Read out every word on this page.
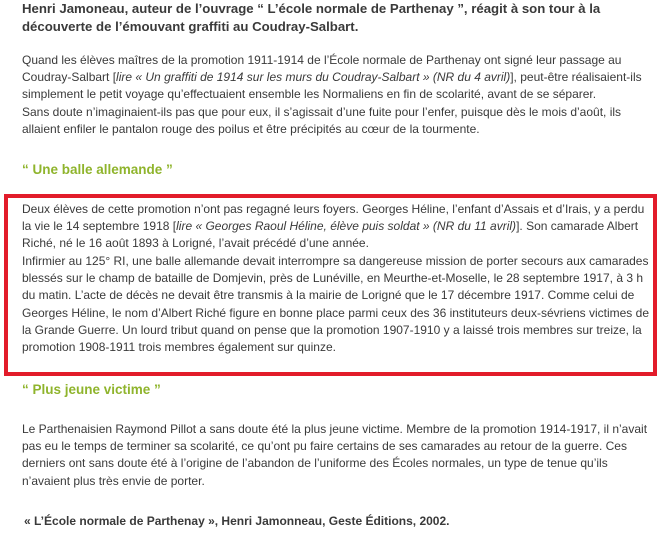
Henri Jamoneau, auteur de l’ouvrage “ L’école normale de Parthenay ”, réagit à son tour à la découverte de l’émouvant graffiti au Coudray-Salbart.
Quand les élèves maîtres de la promotion 1911-1914 de l’École normale de Parthenay ont signé leur passage au Coudray-Salbart [lire « Un graffiti de 1914 sur les murs du Coudray-Salbart » (NR du 4 avril)], peut-être réalisaient-ils simplement le petit voyage qu’effectuaient ensemble les Normaliens en fin de scolarité, avant de se séparer.
Sans doute n’imaginaient-ils pas que pour eux, il s’agissait d’une fuite pour l’enfer, puisque dès le mois d’août, ils allaient enfiler le pantalon rouge des poilus et être précipités au cœur de la tourmente.
“ Une balle allemande ”
Deux élèves de cette promotion n’ont pas regagné leurs foyers. Georges Héline, l’enfant d’Assais et d’Irais, y a perdu la vie le 14 septembre 1918 [lire « Georges Raoul Héline, élève puis soldat » (NR du 11 avril)]. Son camarade Albert Riché, né le 16 août 1893 à Lorigné, l’avait précédé d’une année.
Infirmier au 125° RI, une balle allemande devait interrompre sa dangereuse mission de porter secours aux camarades blessés sur le champ de bataille de Domjevin, près de Lunéville, en Meurthe-et-Moselle, le 28 septembre 1917, à 3 h du matin. L’acte de décès ne devait être transmis à la mairie de Lorigné que le 17 décembre 1917. Comme celui de Georges Héline, le nom d’Albert Riché figure en bonne place parmi ceux des 36 instituteurs deux-sévriens victimes de la Grande Guerre. Un lourd tribut quand on pense que la promotion 1907-1910 y a laissé trois membres sur treize, la promotion 1908-1911 trois membres également sur quinze.
“ Plus jeune victime ”
Le Parthenaisien Raymond Pillot a sans doute été la plus jeune victime. Membre de la promotion 1914-1917, il n’avait pas eu le temps de terminer sa scolarité, ce qu’ont pu faire certains de ses camarades au retour de la guerre. Ces derniers ont sans doute été à l’origine de l’abandon de l’uniforme des Écoles normales, un type de tenue qu’ils n’avaient plus très envie de porter.
« L’École normale de Parthenay », Henri Jamonneau, Geste Éditions, 2002.
